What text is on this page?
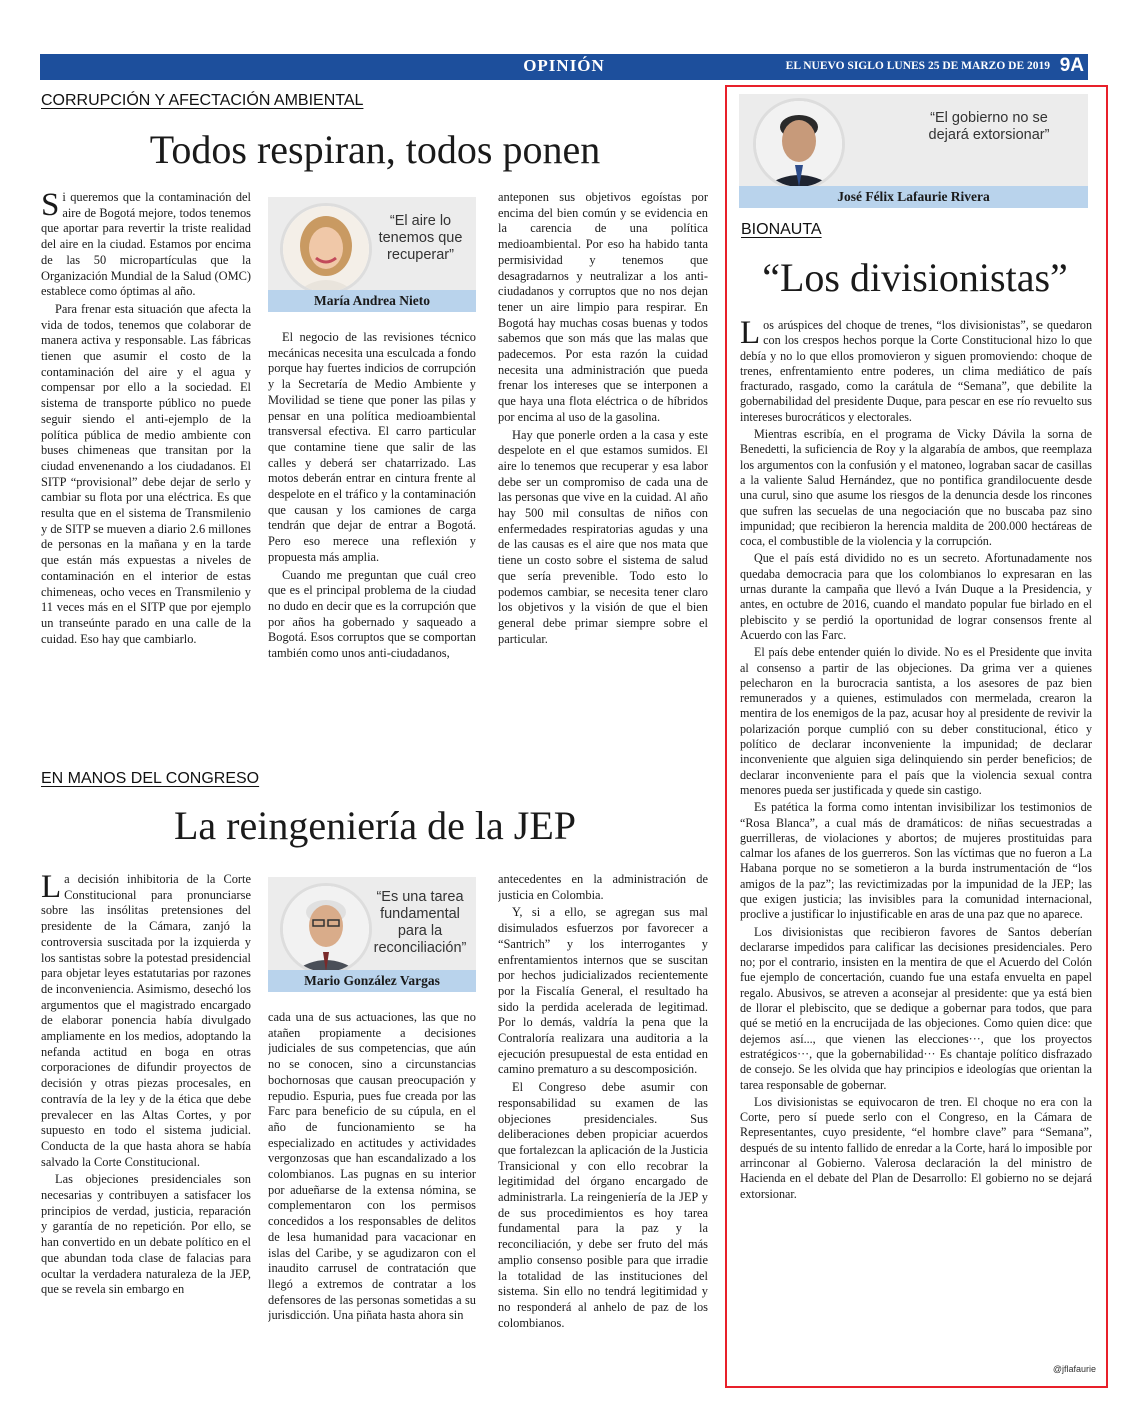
OPINIÓN	EL NUEVO SIGLO LUNES 25 DE MARZO DE 2019 9A
CORRUPCIÓN Y AFECTACIÓN AMBIENTAL
Todos respiran, todos ponen

Si queremos que la contaminación del aire de Bogotá mejore, todos tenemos que aportar para revertir la triste realidad del aire en la ciudad. Estamos por encima de las 50 micropartículas que la Organización Mundial de la Salud (OMC) establece como óptimas al año.

Para frenar esta situación que afecta la vida de todos, tenemos que colaborar de manera activa y responsable. Las fábricas tienen que asumir el costo de la contaminación del aire y el agua y compensar por ello a la sociedad. El sistema de transporte público no puede seguir siendo el anti-ejemplo de la política pública de medio ambiente con buses chimeneas que transitan por la ciudad envenenando a los ciudadanos. El SITP “provisional” debe dejar de serlo y cambiar su flota por una eléctrica. Es que resulta que en el sistema de Transmilenio y de SITP se mueven a diario 2.6 millones de personas en la mañana y en la tarde que están más expuestas a niveles de contaminación en el interior de estas chimeneas, ocho veces en Transmilenio y 11 veces más en el SITP que por ejemplo un transeúnte parado en una calle de la cuidad. Eso hay que cambiarlo.

“El aire lo tenemos que recuperar”
María Andrea Nieto

El negocio de las revisiones técnico mecánicas necesita una esculcada a fondo porque hay fuertes indicios de corrupción y la Secretaría de Medio Ambiente y Movilidad se tiene que poner las pilas y pensar en una política medioambiental transversal efectiva. El carro particular que contamine tiene que salir de las calles y deberá ser chatarrizado. Las motos deberán entrar en cintura frente al despelote en el tráfico y la contaminación que causan y los camiones de carga tendrán que dejar de entrar a Bogotá. Pero eso merece una reflexión y propuesta más amplia.

Cuando me preguntan que cuál creo que es el principal problema de la ciudad no dudo en decir que es la corrupción que por años ha gobernado y saqueado a Bogotá. Esos corruptos que se comportan también como unos anti-ciudadanos,

anteponen sus objetivos egoístas por encima del bien común y se evidencia en la carencia de una política medioambiental. Por eso ha habido tanta permisividad y tenemos que desagradarnos y neutralizar a los anti-ciudadanos y corruptos que no nos dejan tener un aire limpio para respirar. En Bogotá hay muchas cosas buenas y todos sabemos que son más que las malas que padecemos. Por esta razón la cuidad necesita una administración que pueda frenar los intereses que se interponen a que haya una flota eléctrica o de híbridos por encima al uso de la gasolina.

Hay que ponerle orden a la casa y este despelote en el que estamos sumidos. El aire lo tenemos que recuperar y esa labor debe ser un compromiso de cada una de las personas que vive en la cuidad. Al año hay 500 mil consultas de niños con enfermedades respiratorias agudas y una de las causas es el aire que nos mata que tiene un costo sobre el sistema de salud que sería prevenible. Todo esto lo podemos cambiar, se necesita tener claro los objetivos y la visión de que el bien general debe primar siempre sobre el particular.

EN MANOS DEL CONGRESO
La reingeniería de la JEP

La decisión inhibitoria de la Corte Constitucional para pronunciarse sobre las insólitas pretensiones del presidente de la Cámara, zanjó la controversia suscitada por la izquierda y los santistas sobre la potestad presidencial para objetar leyes estatutarias por razones de inconveniencia. Asimismo, desechó los argumentos que el magistrado encargado de elaborar ponencia había divulgado ampliamente en los medios, adoptando la nefanda actitud en boga en otras corporaciones de difundir proyectos de decisión y otras piezas procesales, en contravía de la ley y de la ética que debe prevalecer en las Altas Cortes, y por supuesto en todo el sistema judicial. Conducta de la que hasta ahora se había salvado la Corte Constitucional.

Las objeciones presidenciales son necesarias y contribuyen a satisfacer los principios de verdad, justicia, reparación y garantía de no repetición. Por ello, se han convertido en un debate político en el que abundan toda clase de falacias para ocultar la verdadera naturaleza de la JEP, que se revela sin embargo en

“Es una tarea fundamental para la reconciliación”
Mario González Vargas

cada una de sus actuaciones, las que no atañen propiamente a decisiones judiciales de sus competencias, que aún no se conocen, sino a circunstancias bochornosas que causan preocupación y repudio. Espuria, pues fue creada por las Farc para beneficio de su cúpula, en el año de funcionamiento se ha especializado en actitudes y actividades vergonzosas que han escandalizado a los colombianos. Las pugnas en su interior por adueñarse de la extensa nómina, se complementaron con los permisos concedidos a los responsables de delitos de lesa humanidad para vacacionar en islas del Caribe, y se agudizaron con el inaudito carrusel de contratación que llegó a extremos de contratar a los defensores de las personas sometidas a su jurisdicción. Una piñata hasta ahora sin

antecedentes en la administración de justicia en Colombia.

Y, si a ello, se agregan sus mal disimulados esfuerzos por favorecer a “Santrich” y los interrogantes y enfrentamientos internos que se suscitan por hechos judicializados recientemente por la Fiscalía General, el resultado ha sido la perdida acelerada de legitimad. Por lo demás, valdría la pena que la Contraloría realizara una auditoria a la ejecución presupuestal de esta entidad en camino prematuro a su descomposición.

El Congreso debe asumir con responsabilidad su examen de las objeciones presidenciales. Sus deliberaciones deben propiciar acuerdos que fortalezcan la aplicación de la Justicia Transicional y con ello recobrar la legitimidad del órgano encargado de administrarla. La reingeniería de la JEP y de sus procedimientos es hoy tarea fundamental para la paz y la reconciliación, y debe ser fruto del más amplio consenso posible para que irradie la totalidad de las instituciones del sistema. Sin ello no tendrá legitimidad y no responderá al anhelo de paz de los colombianos.

“El gobierno no se dejará extorsionar”
José Félix Lafaurie Rivera
BIONAUTA
“Los divisionistas”

Los arúspices del choque de trenes, “los divisionistas”, se quedaron con los crespos hechos porque la Corte Constitucional hizo lo que debía y no lo que ellos promovieron y siguen promoviendo: choque de trenes, enfrentamiento entre poderes, un clima mediático de país fracturado, rasgado, como la carátula de “Semana”, que debilite la gobernabilidad del presidente Duque, para pescar en ese río revuelto sus intereses burocráticos y electorales.

Mientras escribía, en el programa de Vicky Dávila la sorna de Benedetti, la suficiencia de Roy y la algarabía de ambos, que reemplaza los argumentos con la confusión y el matoneo, lograban sacar de casillas a la valiente Salud Hernández, que no pontifica grandilocuente desde una curul, sino que asume los riesgos de la denuncia desde los rincones que sufren las secuelas de una negociación que no buscaba paz sino impunidad; que recibieron la herencia maldita de 200.000 hectáreas de coca, el combustible de la violencia y la corrupción.

Que el país está dividido no es un secreto. Afortunadamente nos quedaba democracia para que los colombianos lo expresaran en las urnas durante la campaña que llevó a Iván Duque a la Presidencia, y antes, en octubre de 2016, cuando el mandato popular fue birlado en el plebiscito y se perdió la oportunidad de lograr consensos frente al Acuerdo con las Farc.

El país debe entender quién lo divide. No es el Presidente que invita al consenso a partir de las objeciones. Da grima ver a quienes pelecharon en la burocracia santista, a los asesores de paz bien remunerados y a quienes, estimulados con mermelada, crearon la mentira de los enemigos de la paz, acusar hoy al presidente de revivir la polarización porque cumplió con su deber constitucional, ético y político de declarar inconveniente la impunidad; de declarar inconveniente que alguien siga delinquiendo sin perder beneficios; de declarar inconveniente para el país que la violencia sexual contra menores pueda ser justificada y quede sin castigo.

Es patética la forma como intentan invisibilizar los testimonios de “Rosa Blanca”, a cual más de dramáticos: de niñas secuestradas a guerrilleras, de violaciones y abortos; de mujeres prostituidas para calmar los afanes de los guerreros. Son las víctimas que no fueron a La Habana porque no se sometieron a la burda instrumentación de “los amigos de la paz”; las revictimizadas por la impunidad de la JEP; las que exigen justicia; las invisibles para la comunidad internacional, proclive a justificar lo injustificable en aras de una paz que no aparece.

Los divisionistas que recibieron favores de Santos deberían declararse impedidos para calificar las decisiones presidenciales. Pero no; por el contrario, insisten en la mentira de que el Acuerdo del Colón fue ejemplo de concertación, cuando fue una estafa envuelta en papel regalo. Abusivos, se atreven a aconsejar al presidente: que ya está bien de llorar el plebiscito, que se dedique a gobernar para todos, que para qué se metió en la encrucijada de las objeciones. Como quien dice: que dejemos así..., que vienen las elecciones···, que los proyectos estratégicos···, que la gobernabilidad··· Es chantaje político disfrazado de consejo. Se les olvida que hay principios e ideologías que orientan la tarea responsable de gobernar.

Los divisionistas se equivocaron de tren. El choque no era con la Corte, pero sí puede serlo con el Congreso, en la Cámara de Representantes, cuyo presidente, “el hombre clave” para “Semana”, después de su intento fallido de enredar a la Corte, hará lo imposible por arrinconar al Gobierno. Valerosa declaración la del ministro de Hacienda en el debate del Plan de Desarrollo: El gobierno no se dejará extorsionar.

@jflafaurie
